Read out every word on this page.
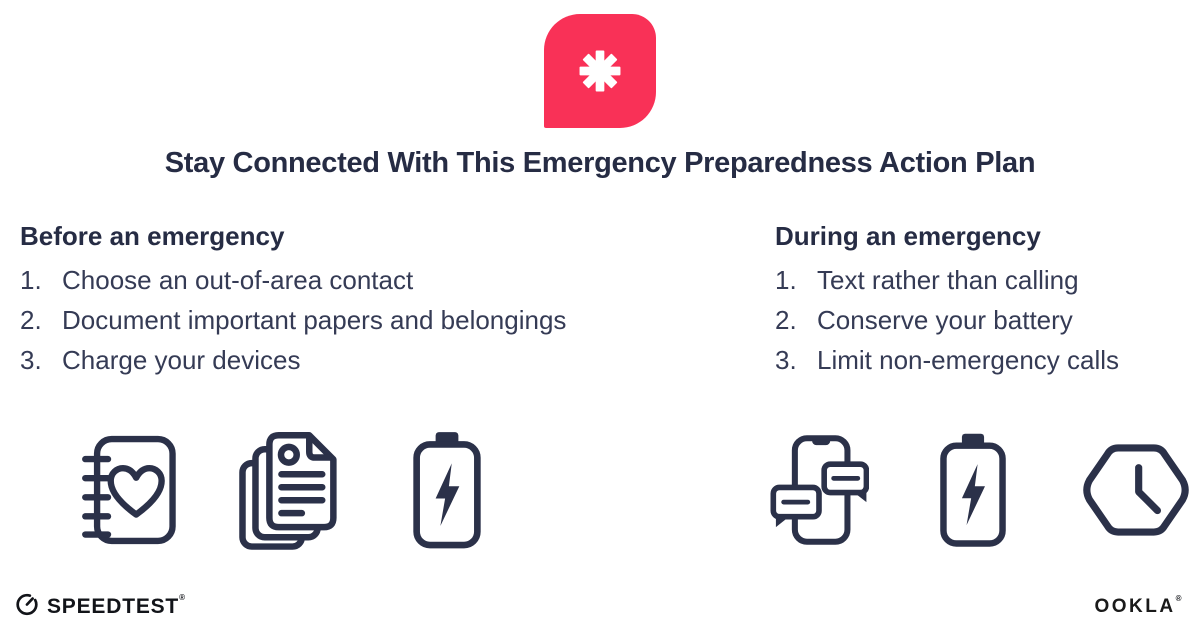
Stay Connected With This Emergency Preparedness Action Plan
Before an emergency
1. Choose an out-of-area contact
2. Document important papers and belongings
3. Charge your devices
During an emergency
1. Text rather than calling
2. Conserve your battery
3. Limit non-emergency calls
SPEEDTEST®	OOKLA®
